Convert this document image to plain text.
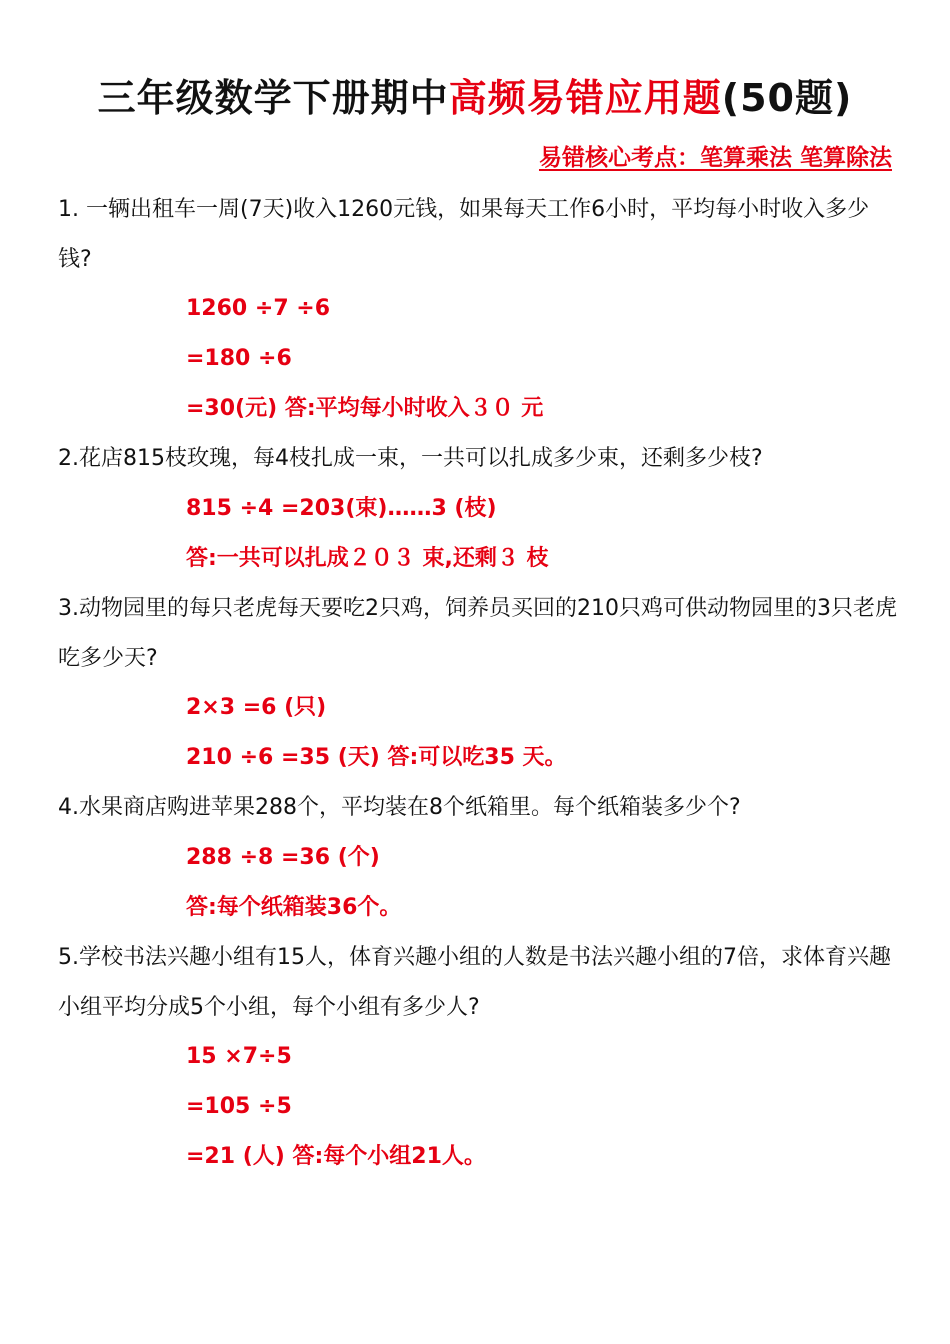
三年级数学下册期中高频易错应用题(50题)
易错核心考点：笔算乘法 笔算除法
1. 一辆出租车一周(7天)收入1260元钱，如果每天工作6小时，平均每小时收入多少钱?
1260 ÷7 ÷6
=180 ÷6
=30(元) 答:平均每小时收入３０ 元
2.花店815枝玫瑰，每4枝扎成一束，一共可以扎成多少束，还剩多少枝?
815 ÷4 =203(束)……3 (枝)
答:一共可以扎成２０３ 束,还剩３ 枝
3.动物园里的每只老虎每天要吃2只鸡，饲养员买回的210只鸡可供动物园里的3只老虎吃多少天?
2×3 =6 (只)
210 ÷6 =35 (天) 答:可以吃35 天。
4.水果商店购进苹果288个，平均装在8个纸箱里。每个纸箱装多少个?
288 ÷8 =36 (个)
答:每个纸箱装36个。
5.学校书法兴趣小组有15人，体育兴趣小组的人数是书法兴趣小组的7倍，求体育兴趣小组平均分成5个小组，每个小组有多少人?
15 ×7÷5
=105 ÷5
=21 (人) 答:每个小组21人。
